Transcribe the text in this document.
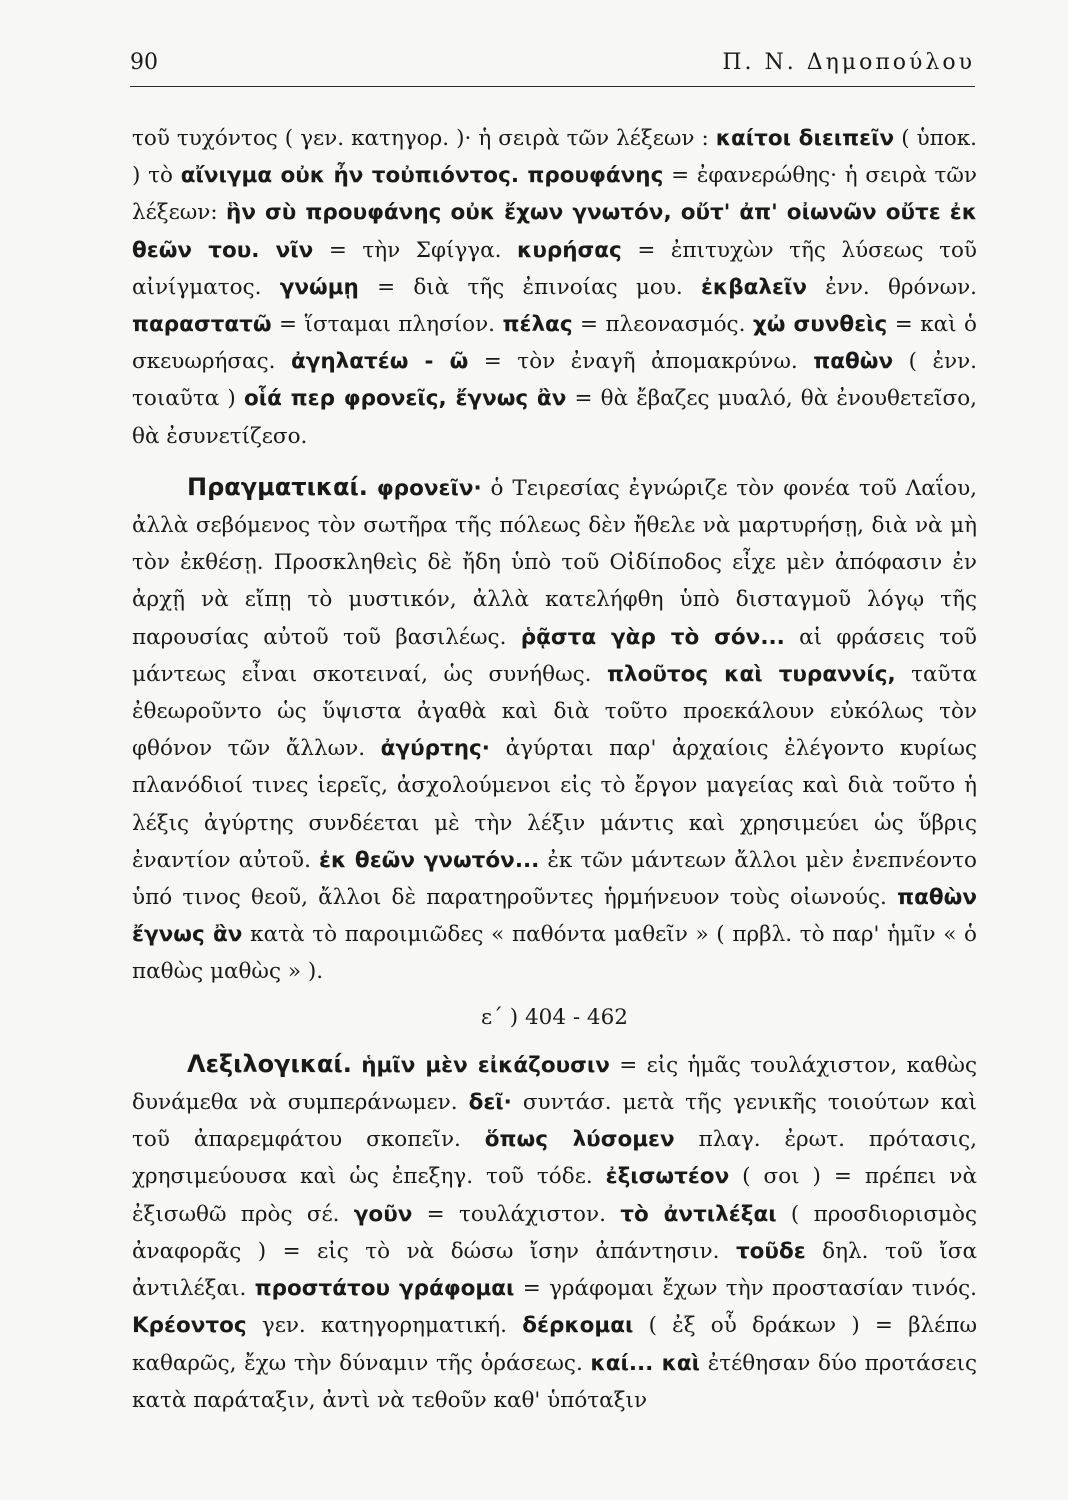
90	Π. Ν. Δημοπούλου

τοῦ τυχόντος ( γεν. κατηγορ. )· ἡ σειρὰ τῶν λέξεων : καίτοι διειπεῖν ( ὑποκ. ) τὸ αἴνιγμα οὐκ ἦν τοὐπιόντος. προυφάνης = ἐφανερώθης· ἡ σειρὰ τῶν λέξεων: ἣν σὺ προυφάνης οὐκ ἔχων γνωτόν, οὔτ' ἀπ' οἰωνῶν οὔτε ἐκ θεῶν του. νῖν = τὴν Σφίγγα. κυρήσας = ἐπιτυχὼν τῆς λύσεως τοῦ αἰνίγματος. γνώμῃ = διὰ τῆς ἐπινοίας μου. ἐκβαλεῖν ἐνν. θρόνων. παραστατῶ = ἵσταμαι πλησίον. πέλας = πλεονασμός. χὠ συνθεὶς = καὶ ὁ σκευωρήσας. ἀγηλατέω - ῶ = τὸν ἐναγῆ ἀπομακρύνω. παθὼν ( ἐνν. τοιαῦτα ) οἷά περ φρονεῖς, ἔγνως ἂν = θὰ ἔβαζες μυαλό, θὰ ἐνουθετεῖσο, θὰ ἐσυνετίζεσο.

Πραγματικαί. φρονεῖν· ὁ Τειρεσίας ἐγνώριζε τὸν φονέα τοῦ Λαΐου, ἀλλὰ σεβόμενος τὸν σωτῆρα τῆς πόλεως δὲν ἤθελε νὰ μαρτυρήσῃ, διὰ νὰ μὴ τὸν ἐκθέσῃ. Προσκληθεὶς δὲ ἤδη ὑπὸ τοῦ Οἰδίποδος εἶχε μὲν ἀπόφασιν ἐν ἀρχῇ νὰ εἴπῃ τὸ μυστικόν, ἀλλὰ κατελήφθη ὑπὸ δισταγμοῦ λόγῳ τῆς παρουσίας αὐτοῦ τοῦ βασιλέως. ῥᾷστα γὰρ τὸ σόν... αἱ φράσεις τοῦ μάντεως εἶναι σκοτειναί, ὡς συνήθως. πλοῦτος καὶ τυραννίς, ταῦτα ἐθεωροῦντο ὡς ὕψιστα ἀγαθὰ καὶ διὰ τοῦτο προεκάλουν εὐκόλως τὸν φθόνον τῶν ἄλλων. ἀγύρτης· ἀγύρται παρ' ἀρχαίοις ἐλέγοντο κυρίως πλανόδιοί τινες ἱερεῖς, ἀσχολούμενοι εἰς τὸ ἔργον μαγείας καὶ διὰ τοῦτο ἡ λέξις ἀγύρτης συνδέεται μὲ τὴν λέξιν μάντις καὶ χρησιμεύει ὡς ὕβρις ἐναντίον αὐτοῦ. ἐκ θεῶν γνωτόν... ἐκ τῶν μάντεων ἄλλοι μὲν ἐνεπνέοντο ὑπό τινος θεοῦ, ἄλλοι δὲ παρατηροῦντες ἡρμήνευον τοὺς οἰωνούς. παθὼν ἔγνως ἂν κατὰ τὸ παροιμιῶδες « παθόντα μαθεῖν » ( πρβλ. τὸ παρ' ἡμῖν « ὁ παθὼς μαθὼς » ).

ε΄ ) 404 - 462

Λεξιλογικαί. ἡμῖν μὲν εἰκάζουσιν = εἰς ἡμᾶς τουλάχιστον, καθὼς δυνάμεθα νὰ συμπεράνωμεν. δεῖ· συντάσ. μετὰ τῆς γενικῆς τοιούτων καὶ τοῦ ἀπαρεμφάτου σκοπεῖν. ὅπως λύσομεν πλαγ. ἐρωτ. πρότασις, χρησιμεύουσα καὶ ὡς ἐπεξηγ. τοῦ τόδε. ἐξισωτέον ( σοι ) = πρέπει νὰ ἐξισωθῶ πρὸς σέ. γοῦν = τουλάχιστον. τὸ ἀντιλέξαι ( προσδιορισμὸς ἀναφορᾶς ) = εἰς τὸ νὰ δώσω ἴσην ἀπάντησιν. τοῦδε δηλ. τοῦ ἴσα ἀντιλέξαι. προστάτου γράφομαι = γράφομαι ἔχων τὴν προστασίαν τινός. Κρέοντος γεν. κατηγορηματική. δέρκομαι ( ἐξ οὗ δράκων ) = βλέπω καθαρῶς, ἔχω τὴν δύναμιν τῆς ὁράσεως. καί... καὶ ἐτέθησαν δύο προτάσεις κατὰ παράταξιν, ἀντὶ νὰ τεθοῦν καθ' ὑπόταξιν
